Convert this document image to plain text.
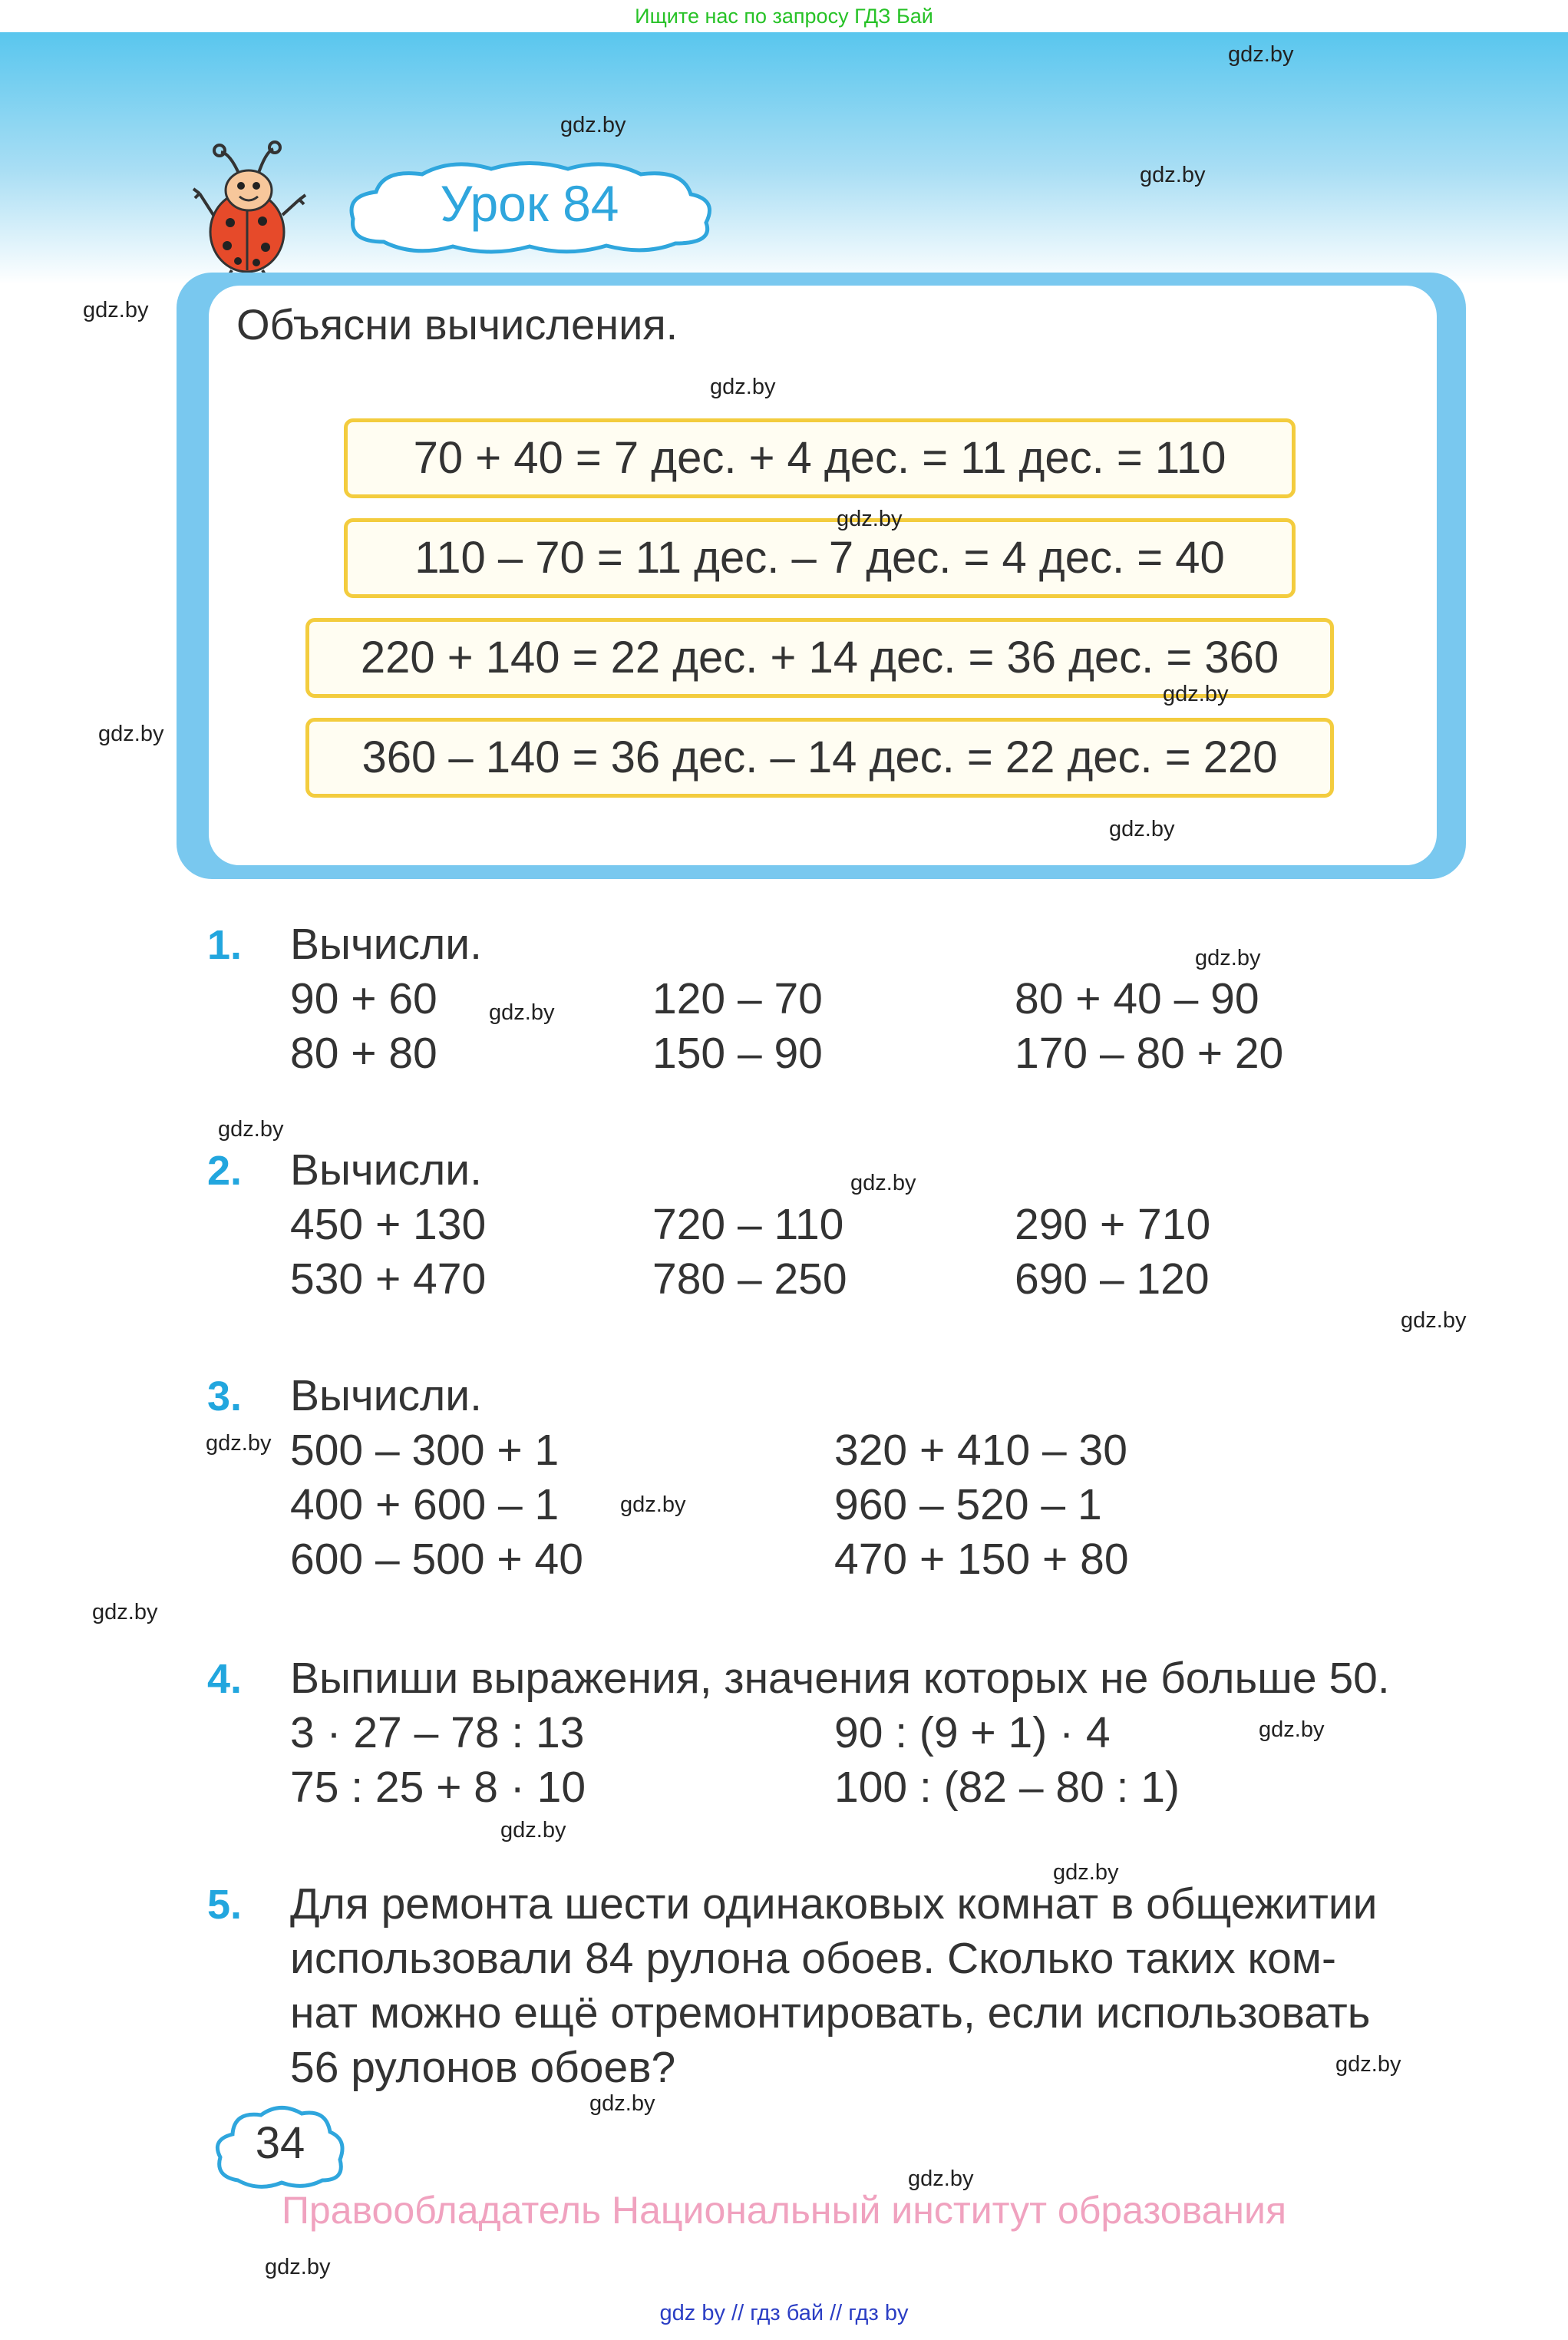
Ищите нас по запросу ГДЗ Бай
Урок 84
Объясни вычисления.
70 + 40 = 7 дес. + 4 дес. = 11 дес. = 110
110 – 70 = 11 дес. – 7 дес. = 4 дес. = 40
220 + 140 = 22 дес. + 14 дес. = 36 дес. = 360
360 – 140 = 36 дес. – 14 дес. = 22 дес. = 220
1. Вычисли.
90 + 60	120 – 70	80 + 40 – 90
80 + 80	150 – 90	170 – 80 + 20
2. Вычисли.
450 + 130	720 – 110	290 + 710
530 + 470	780 – 250	690 – 120
3. Вычисли.
500 – 300 + 1	320 + 410 – 30
400 + 600 – 1	960 – 520 – 1
600 – 500 + 40	470 + 150 + 80
4. Выпиши выражения, значения которых не больше 50.
3 · 27 – 78 : 13	90 : (9 + 1) · 4
75 : 25 + 8 · 10	100 : (82 – 80 : 1)
5. Для ремонта шести одинаковых комнат в общежитии
использовали 84 рулона обоев. Сколько таких ком-
нат можно ещё отремонтировать, если использовать
56 рулонов обоев?
34
Правообладатель Национальный институт образования
gdz by // гдз бай // гдз by
gdz.by
gdz.by
gdz.by
gdz.by
gdz.by
gdz.by
gdz.by
gdz.by
gdz.by
gdz.by
gdz.by
gdz.by
gdz.by
gdz.by
gdz.by
gdz.by
gdz.by
gdz.by
gdz.by
gdz.by
gdz.by
gdz.by
gdz.by
gdz.by
